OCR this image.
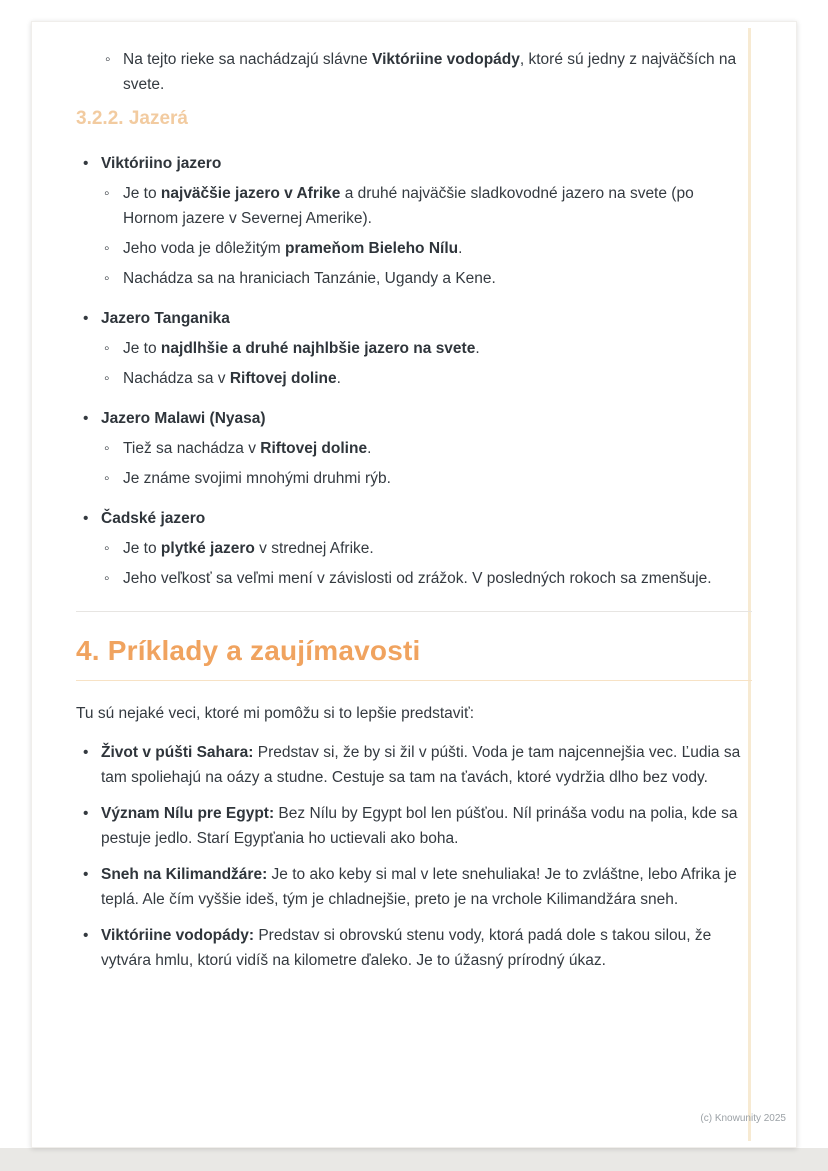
◦ Na tejto rieke sa nachádzajú slávne Viktóriine vodopády, ktoré sú jedny z najväčších na svete.
3.2.2. Jazerá
• Viktóriino jazero
◦ Je to najväčšie jazero v Afrike a druhé najväčšie sladkovodné jazero na svete (po Hornom jazere v Severnej Amerike).
◦ Jeho voda je dôležitým prameňom Bieleho Nílu.
◦ Nachádza sa na hraniciach Tanzánie, Ugandy a Kene.
• Jazero Tanganika
◦ Je to najdlhšie a druhé najhlbšie jazero na svete.
◦ Nachádza sa v Riftovej doline.
• Jazero Malawi (Nyasa)
◦ Tiež sa nachádza v Riftovej doline.
◦ Je známe svojimi mnohými druhmi rýb.
• Čadské jazero
◦ Je to plytké jazero v strednej Afrike.
◦ Jeho veľkosť sa veľmi mení v závislosti od zrážok. V posledných rokoch sa zmenšuje.
4. Príklady a zaujímavosti

Tu sú nejaké veci, ktoré mi pomôžu si to lepšie predstaviť:

• Život v púšti Sahara: Predstav si, že by si žil v púšti. Voda je tam najcennejšia vec. Ľudia sa tam spoliehajú na oázy a studne. Cestuje sa tam na ťavách, ktoré vydržia dlho bez vody.
• Význam Nílu pre Egypt: Bez Nílu by Egypt bol len púšťou. Níl prináša vodu na polia, kde sa pestuje jedlo. Starí Egypťania ho uctievali ako boha.
• Sneh na Kilimandžáre: Je to ako keby si mal v lete snehuliaka! Je to zvláštne, lebo Afrika je teplá. Ale čím vyššie ideš, tým je chladnejšie, preto je na vrchole Kilimandžára sneh.
• Viktóriine vodopády: Predstav si obrovskú stenu vody, ktorá padá dole s takou silou, že vytvára hmlu, ktorú vidíš na kilometre ďaleko. Je to úžasný prírodný úkaz.
(c) Knowunity 2025
